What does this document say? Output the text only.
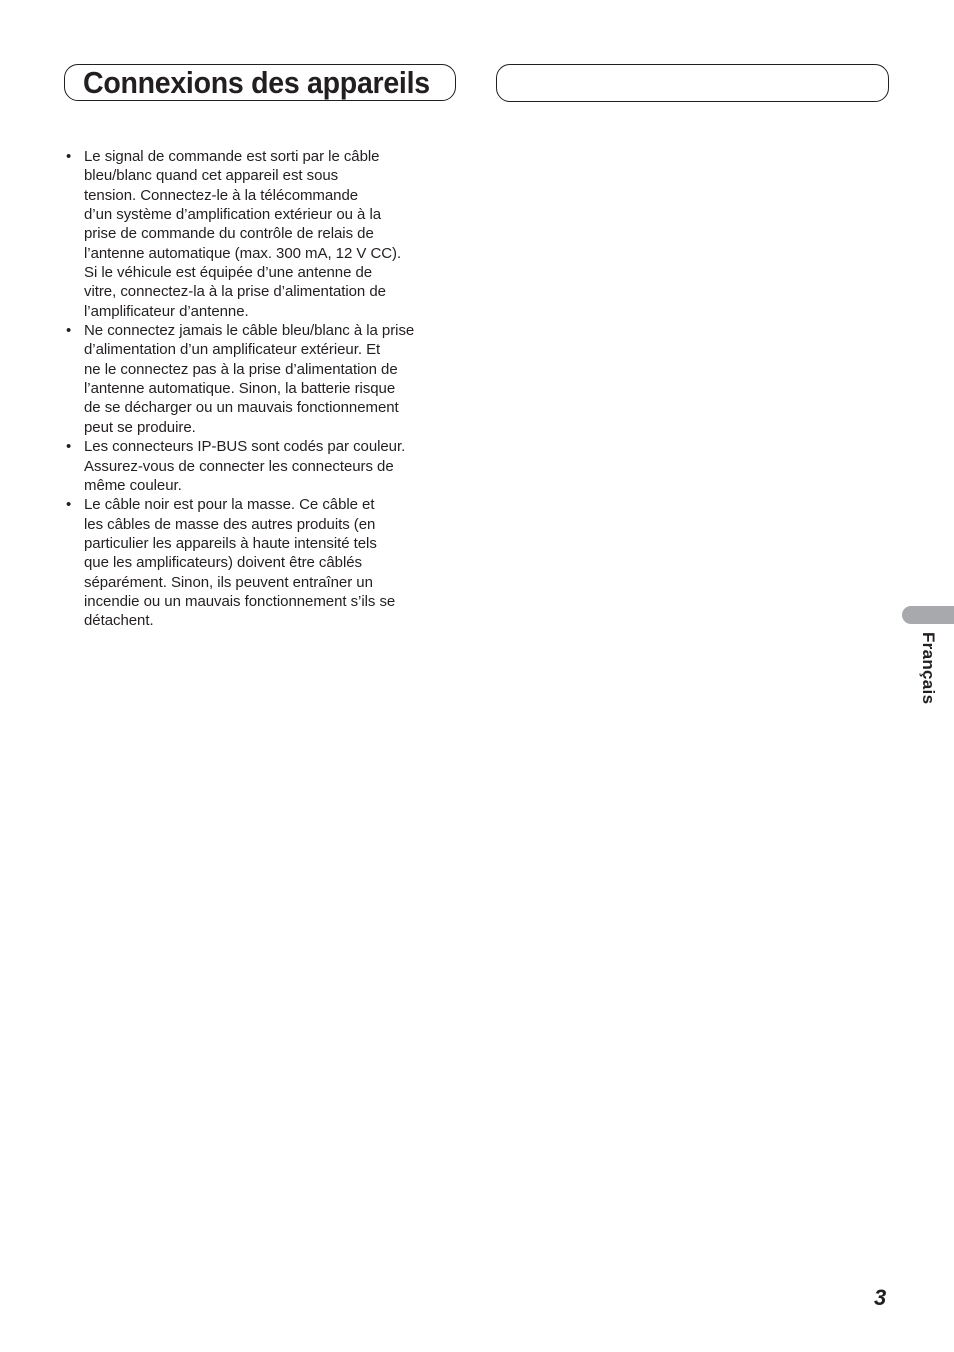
Connexions des appareils
• Le signal de commande est sorti par le câble
bleu/blanc quand cet appareil est sous
tension. Connectez-le à la télécommande
d’un système d’amplification extérieur ou à la
prise de commande du contrôle de relais de
l’antenne automatique (max. 300 mA, 12 V CC).
Si le véhicule est équipée d’une antenne de
vitre, connectez-la à la prise d’alimentation de
l’amplificateur d’antenne.
• Ne connectez jamais le câble bleu/blanc à la prise
d’alimentation d’un amplificateur extérieur. Et
ne le connectez pas à la prise d’alimentation de
l’antenne automatique. Sinon, la batterie risque
de se décharger ou un mauvais fonctionnement
peut se produire.
• Les connecteurs IP-BUS sont codés par couleur.
Assurez-vous de connecter les connecteurs de
même couleur.
• Le câble noir est pour la masse. Ce câble et
les câbles de masse des autres produits (en
particulier les appareils à haute intensité tels
que les amplificateurs) doivent être câblés
séparément. Sinon, ils peuvent entraîner un
incendie ou un mauvais fonctionnement s’ils se
détachent.
Français
3
